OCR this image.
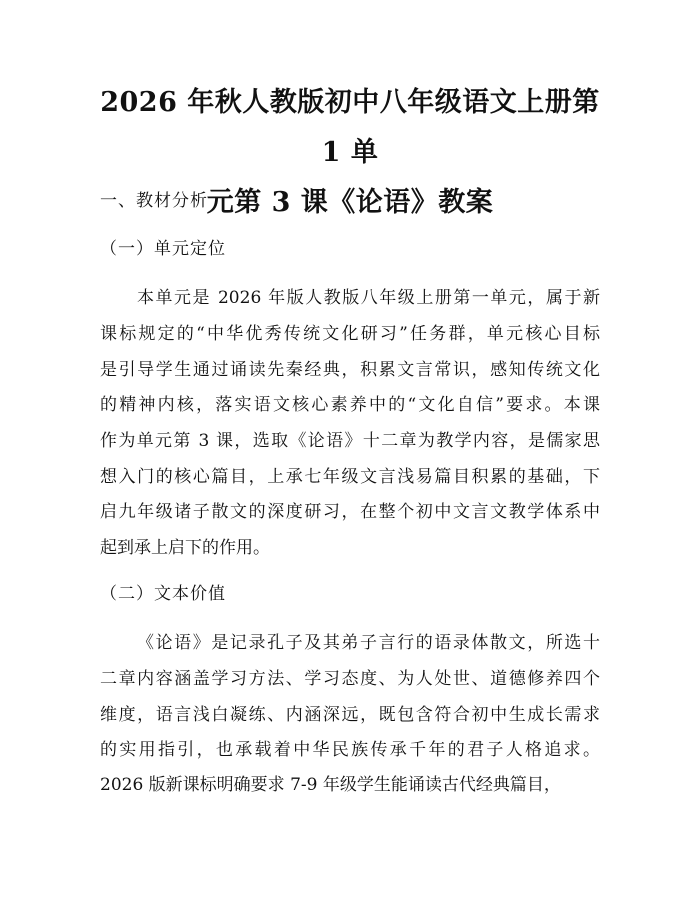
2026 年秋人教版初中八年级语文上册第 1 单
元第 3 课《论语》教案
一、教材分析
（一）单元定位
本单元是 2026 年版人教版八年级上册第一单元，属于新
课标规定的“中华优秀传统文化研习”任务群，单元核心目标
是引导学生通过诵读先秦经典，积累文言常识，感知传统文化
的精神内核，落实语文核心素养中的“文化自信”要求。本课
作为单元第 3 课，选取《论语》十二章为教学内容，是儒家思
想入门的核心篇目，上承七年级文言浅易篇目积累的基础，下
启九年级诸子散文的深度研习，在整个初中文言文教学体系中
起到承上启下的作用。
（二）文本价值
《论语》是记录孔子及其弟子言行的语录体散文，所选十
二章内容涵盖学习方法、学习态度、为人处世、道德修养四个
维度，语言浅白凝练、内涵深远，既包含符合初中生成长需求
的实用指引，也承载着中华民族传承千年的君子人格追求。
2026 版新课标明确要求 7-9 年级学生能诵读古代经典篇目，
